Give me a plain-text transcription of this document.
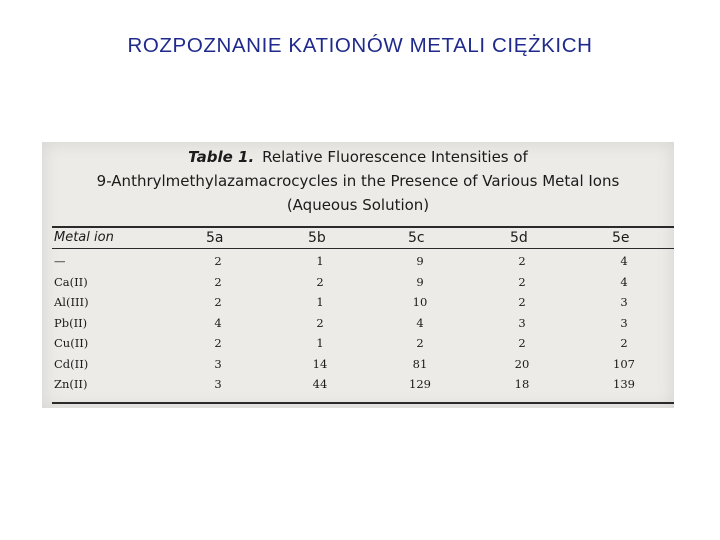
ROZPOZNANIE KATIONÓW METALI CIĘŻKICH
Table 1. Relative Fluorescence Intensities of
9-Anthrylmethylazamacrocycles in the Presence of Various Metal Ions
(Aqueous Solution)
Metal ion	5a	5b	5c	5d	5e
—	2	1	9	2	4
Ca(II)	2	2	9	2	4
Al(III)	2	1	10	2	3
Pb(II)	4	2	4	3	3
Cu(II)	2	1	2	2	2
Cd(II)	3	14	81	20	107
Zn(II)	3	44	129	18	139
